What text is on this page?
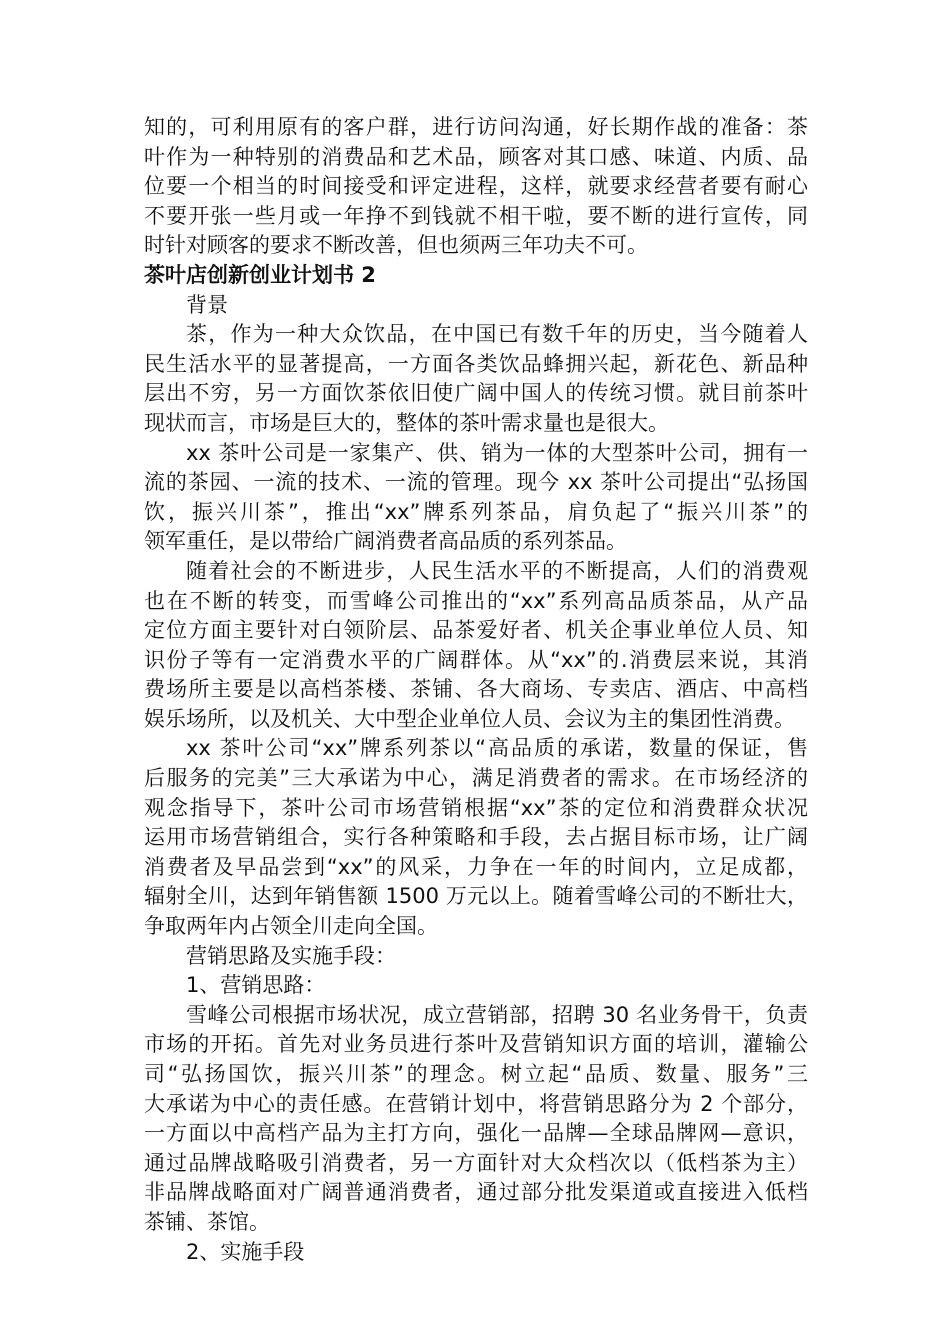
知的，可利用原有的客户群，进行访问沟通，好长期作战的准备：茶
叶作为一种特别的消费品和艺术品，顾客对其口感、味道、内质、品
位要一个相当的时间接受和评定进程，这样，就要求经营者要有耐心
不要开张一些月或一年挣不到钱就不相干啦，要不断的进行宣传，同
时针对顾客的要求不断改善，但也须两三年功夫不可。
茶叶店创新创业计划书 2
背景
茶，作为一种大众饮品，在中国已有数千年的历史，当今随着人
民生活水平的显著提高，一方面各类饮品蜂拥兴起，新花色、新品种
层出不穷，另一方面饮茶依旧使广阔中国人的传统习惯。就目前茶叶
现状而言，市场是巨大的，整体的茶叶需求量也是很大。
xx 茶叶公司是一家集产、供、销为一体的大型茶叶公司，拥有一
流的茶园、一流的技术、一流的管理。现今 xx 茶叶公司提出“弘扬国
饮，振兴川茶”，推出“xx”牌系列茶品，肩负起了“振兴川茶”的
领军重任，是以带给广阔消费者高品质的系列茶品。
随着社会的不断进步，人民生活水平的不断提高，人们的消费观
也在不断的转变，而雪峰公司推出的“xx”系列高品质茶品，从产品
定位方面主要针对白领阶层、品茶爱好者、机关企事业单位人员、知
识份子等有一定消费水平的广阔群体。从“xx”的.消费层来说，其消
费场所主要是以高档茶楼、茶铺、各大商场、专卖店、酒店、中高档
娱乐场所，以及机关、大中型企业单位人员、会议为主的集团性消费。
xx 茶叶公司“xx”牌系列茶以“高品质的承诺，数量的保证，售
后服务的完美”三大承诺为中心，满足消费者的需求。在市场经济的
观念指导下，茶叶公司市场营销根据“xx”茶的定位和消费群众状况
运用市场营销组合，实行各种策略和手段，去占据目标市场，让广阔
消费者及早品尝到“xx”的风采，力争在一年的时间内，立足成都，
辐射全川，达到年销售额 1500 万元以上。随着雪峰公司的不断壮大，
争取两年内占领全川走向全国。
营销思路及实施手段：
1、营销思路：
雪峰公司根据市场状况，成立营销部，招聘 30 名业务骨干，负责
市场的开拓。首先对业务员进行茶叶及营销知识方面的培训，灌输公
司“弘扬国饮，振兴川茶”的理念。树立起“品质、数量、服务”三
大承诺为中心的责任感。在营销计划中，将营销思路分为 2 个部分，
一方面以中高档产品为主打方向，强化一品牌—全球品牌网—意识，
通过品牌战略吸引消费者，另一方面针对大众档次以（低档茶为主）
非品牌战略面对广阔普通消费者，通过部分批发渠道或直接进入低档
茶铺、茶馆。
2、实施手段
